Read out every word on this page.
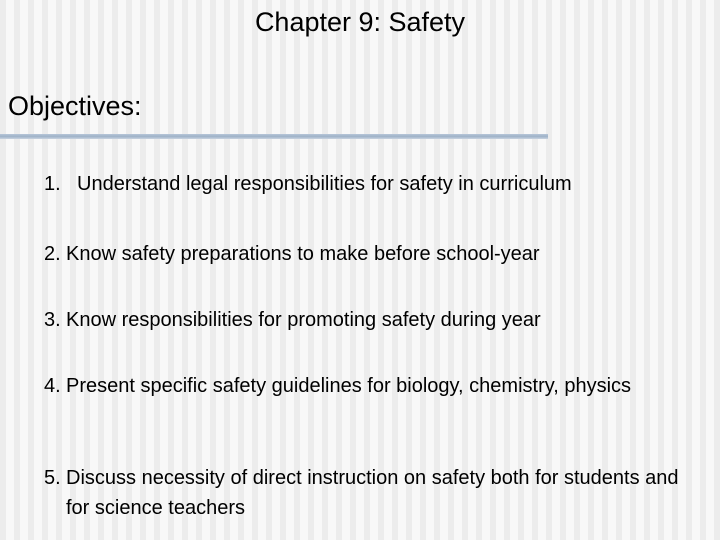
Chapter 9: Safety
Objectives:
1. Understand legal responsibilities for safety in curriculum
2. Know safety preparations to make before school-year
3. Know responsibilities for promoting safety during year
4. Present specific safety guidelines for biology, chemistry, physics
5. Discuss necessity of direct instruction on safety both for students and for science teachers
